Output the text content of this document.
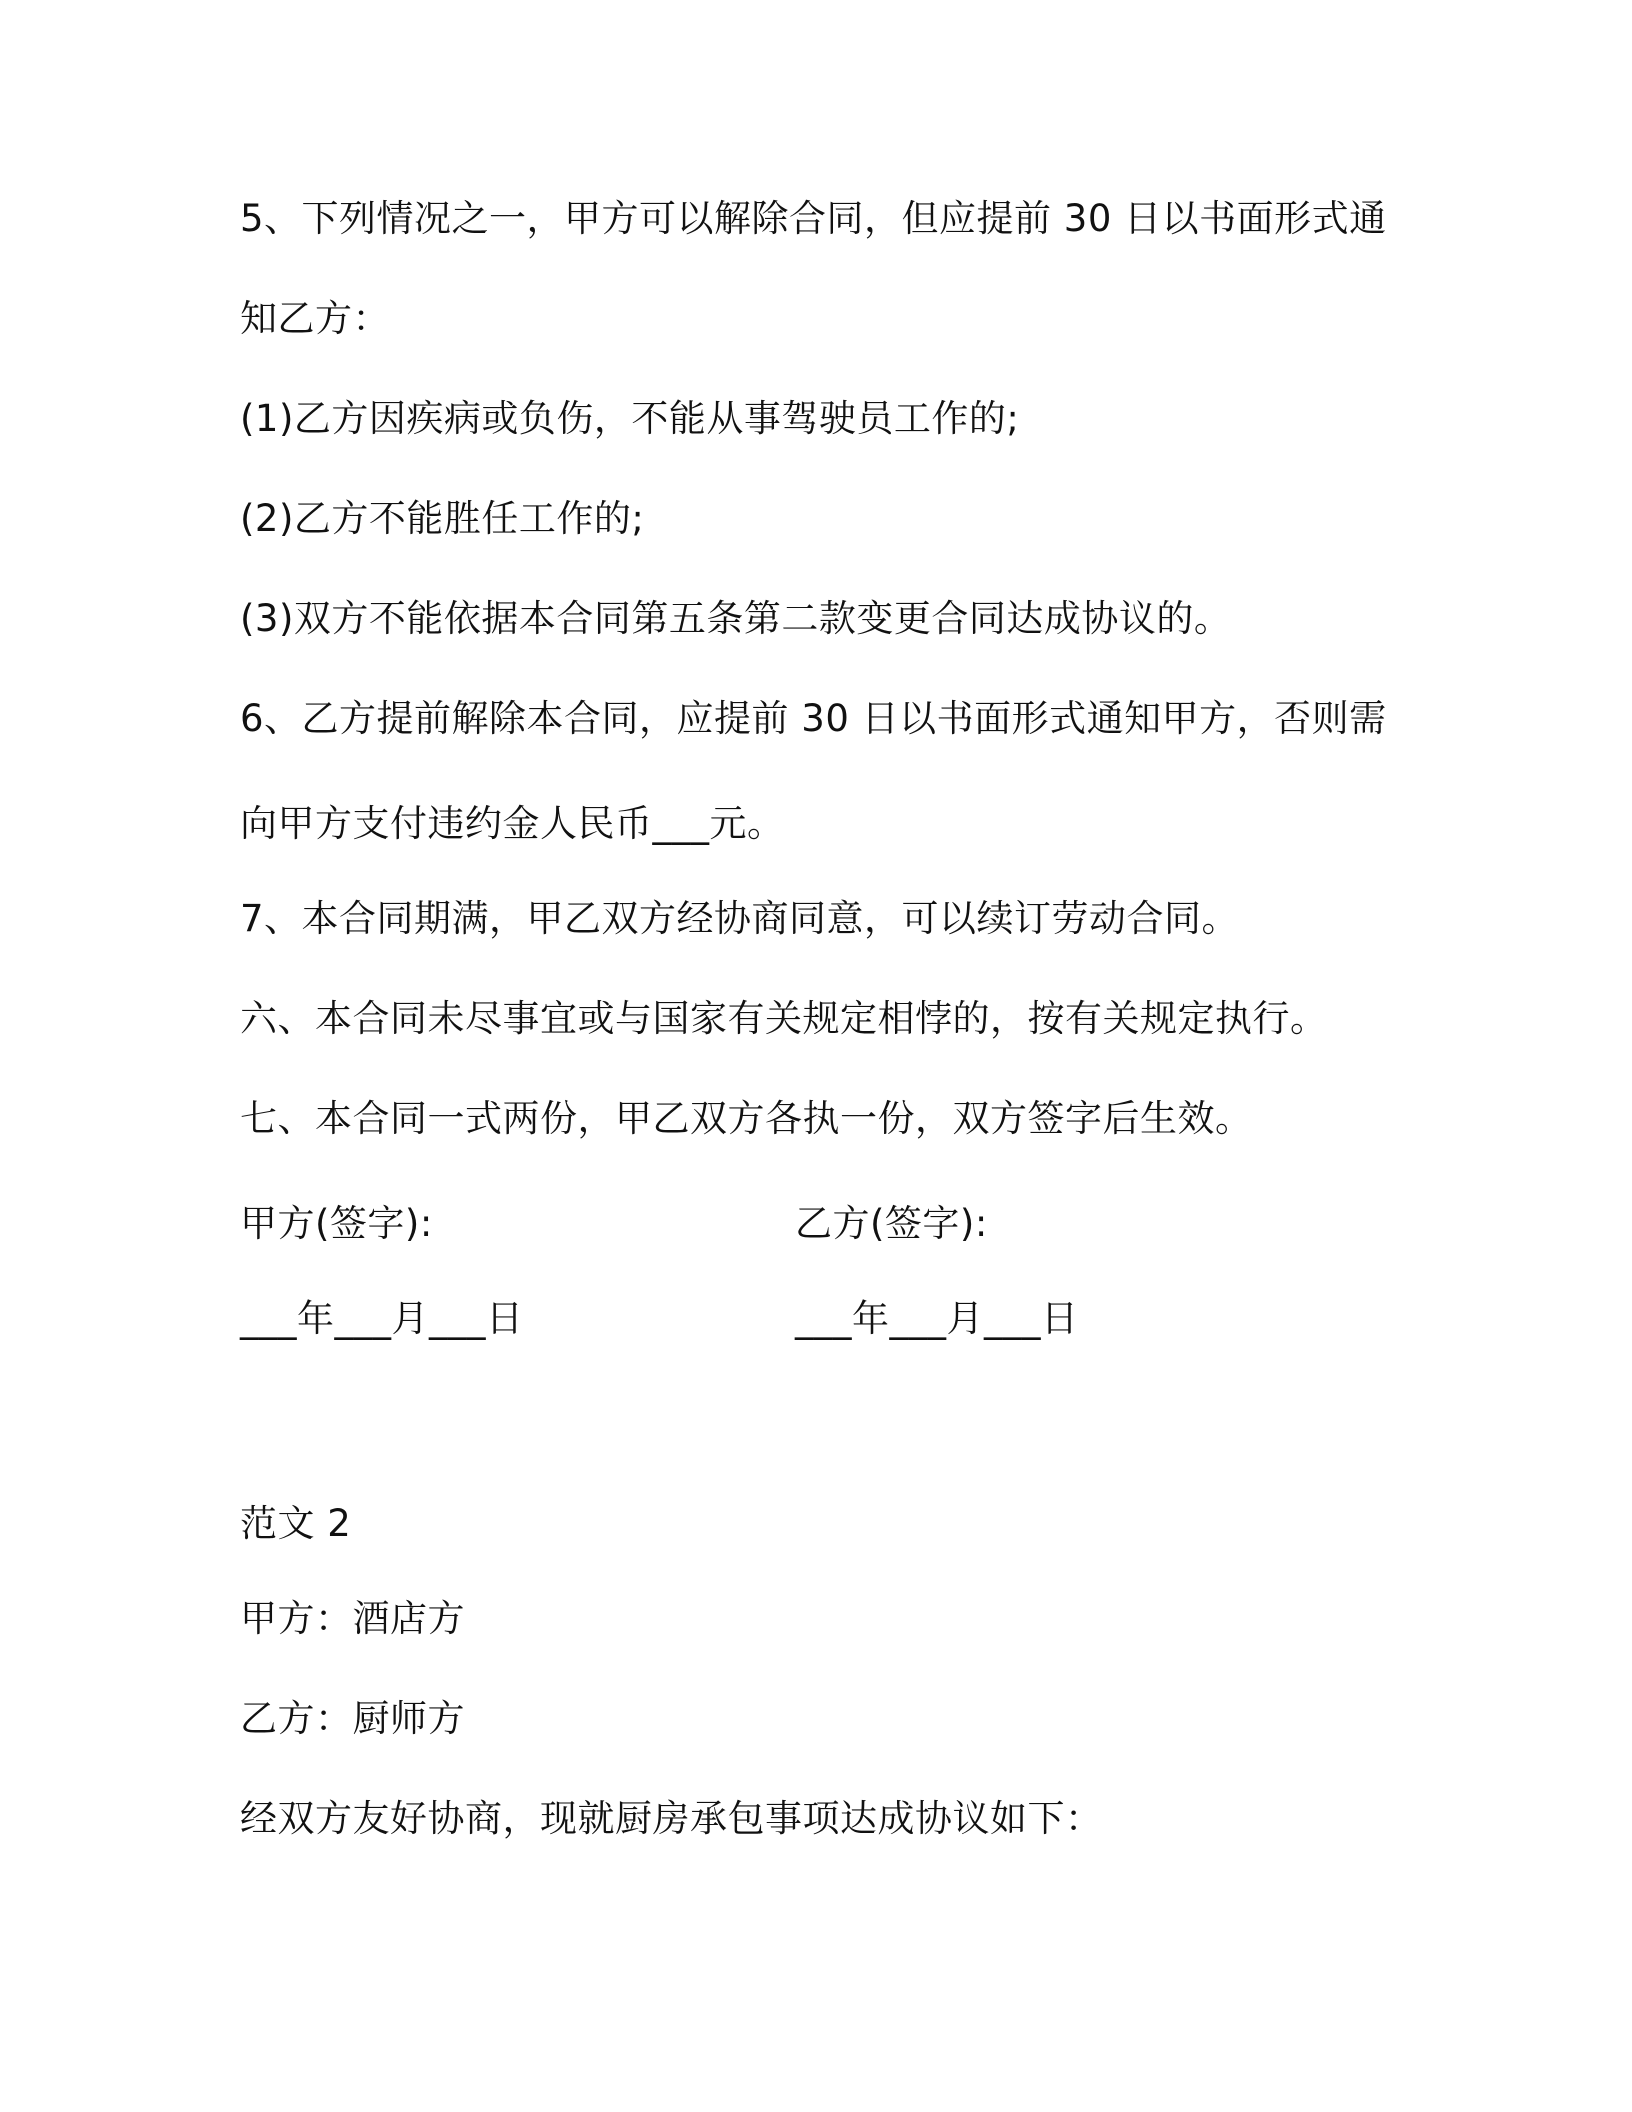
5、下列情况之一，甲方可以解除合同，但应提前 30 日以书面形式通
知乙方：
(1)乙方因疾病或负伤，不能从事驾驶员工作的;
(2)乙方不能胜任工作的;
(3)双方不能依据本合同第五条第二款变更合同达成协议的。
6、乙方提前解除本合同，应提前 30 日以书面形式通知甲方，否则需
向甲方支付违约金人民币___元。
7、本合同期满，甲乙双方经协商同意，可以续订劳动合同。
六、本合同未尽事宜或与国家有关规定相悖的，按有关规定执行。
七、本合同一式两份，甲乙双方各执一份，双方签字后生效。
甲方(签字):	乙方(签字):
___年___月___日	___年___月___日
范文 2
甲方：酒店方
乙方：厨师方
经双方友好协商，现就厨房承包事项达成协议如下：
